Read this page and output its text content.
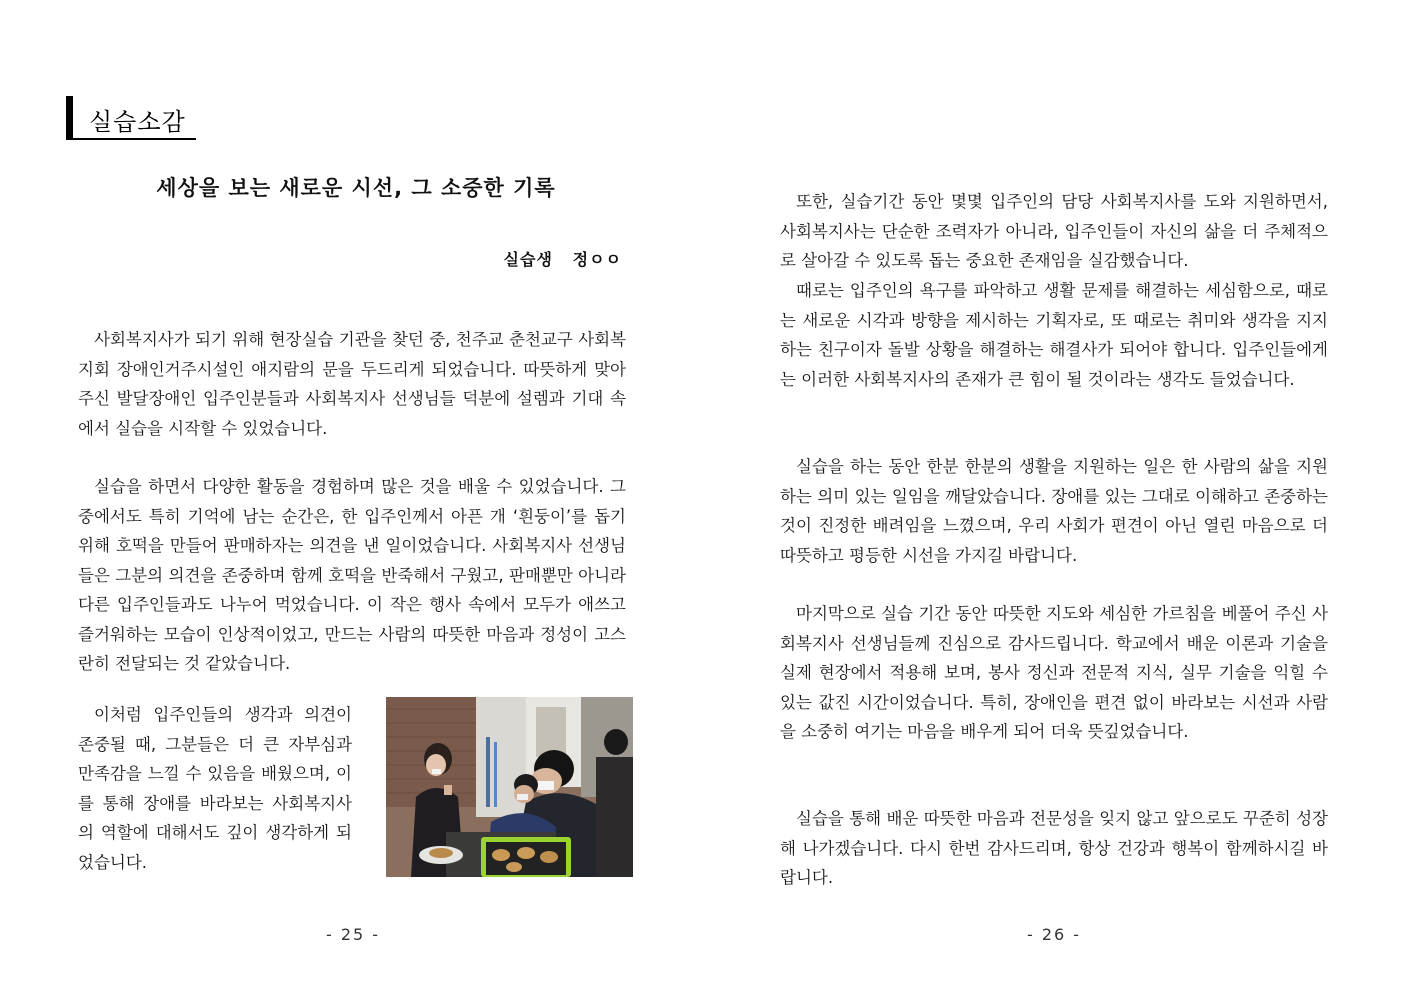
실습소감
세상을 보는 새로운 시선, 그 소중한 기록
실습생   정ㅇㅇ

사회복지사가 되기 위해 현장실습 기관을 찾던 중, 천주교 춘천교구 사회복지회 장애인거주시설인 애지람의 문을 두드리게 되었습니다. 따뜻하게 맞아주신 발달장애인 입주인분들과 사회복지사 선생님들 덕분에 설렘과 기대 속에서 실습을 시작할 수 있었습니다.

실습을 하면서 다양한 활동을 경험하며 많은 것을 배울 수 있었습니다. 그중에서도 특히 기억에 남는 순간은, 한 입주인께서 아픈 개 ‘흰둥이’를 돕기 위해 호떡을 만들어 판매하자는 의견을 낸 일이었습니다. 사회복지사 선생님들은 그분의 의견을 존중하며 함께 호떡을 반죽해서 구웠고, 판매뿐만 아니라 다른 입주인들과도 나누어 먹었습니다. 이 작은 행사 속에서 모두가 애쓰고 즐거워하는 모습이 인상적이었고, 만드는 사람의 따뜻한 마음과 정성이 고스란히 전달되는 것 같았습니다.

이처럼 입주인들의 생각과 의견이 존중될 때, 그분들은 더 큰 자부심과 만족감을 느낄 수 있음을 배웠으며, 이를 통해 장애를 바라보는 사회복지사의 역할에 대해서도 깊이 생각하게 되었습니다.

- 25 -

또한, 실습기간 동안 몇몇 입주인의 담당 사회복지사를 도와 지원하면서, 사회복지사는 단순한 조력자가 아니라, 입주인들이 자신의 삶을 더 주체적으로 살아갈 수 있도록 돕는 중요한 존재임을 실감했습니다.

때로는 입주인의 욕구를 파악하고 생활 문제를 해결하는 세심함으로, 때로는 새로운 시각과 방향을 제시하는 기획자로, 또 때로는 취미와 생각을 지지하는 친구이자 돌발 상황을 해결하는 해결사가 되어야 합니다. 입주인들에게는 이러한 사회복지사의 존재가 큰 힘이 될 것이라는 생각도 들었습니다.

실습을 하는 동안 한분 한분의 생활을 지원하는 일은 한 사람의 삶을 지원하는 의미 있는 일임을 깨달았습니다. 장애를 있는 그대로 이해하고 존중하는 것이 진정한 배려임을 느꼈으며, 우리 사회가 편견이 아닌 열린 마음으로 더 따뜻하고 평등한 시선을 가지길 바랍니다.

마지막으로 실습 기간 동안 따뜻한 지도와 세심한 가르침을 베풀어 주신 사회복지사 선생님들께 진심으로 감사드립니다. 학교에서 배운 이론과 기술을 실제 현장에서 적용해 보며, 봉사 정신과 전문적 지식, 실무 기술을 익힐 수 있는 값진 시간이었습니다. 특히, 장애인을 편견 없이 바라보는 시선과 사람을 소중히 여기는 마음을 배우게 되어 더욱 뜻깊었습니다.

실습을 통해 배운 따뜻한 마음과 전문성을 잊지 않고 앞으로도 꾸준히 성장해 나가겠습니다. 다시 한번 감사드리며, 항상 건강과 행복이 함께하시길 바랍니다.

- 26 -
